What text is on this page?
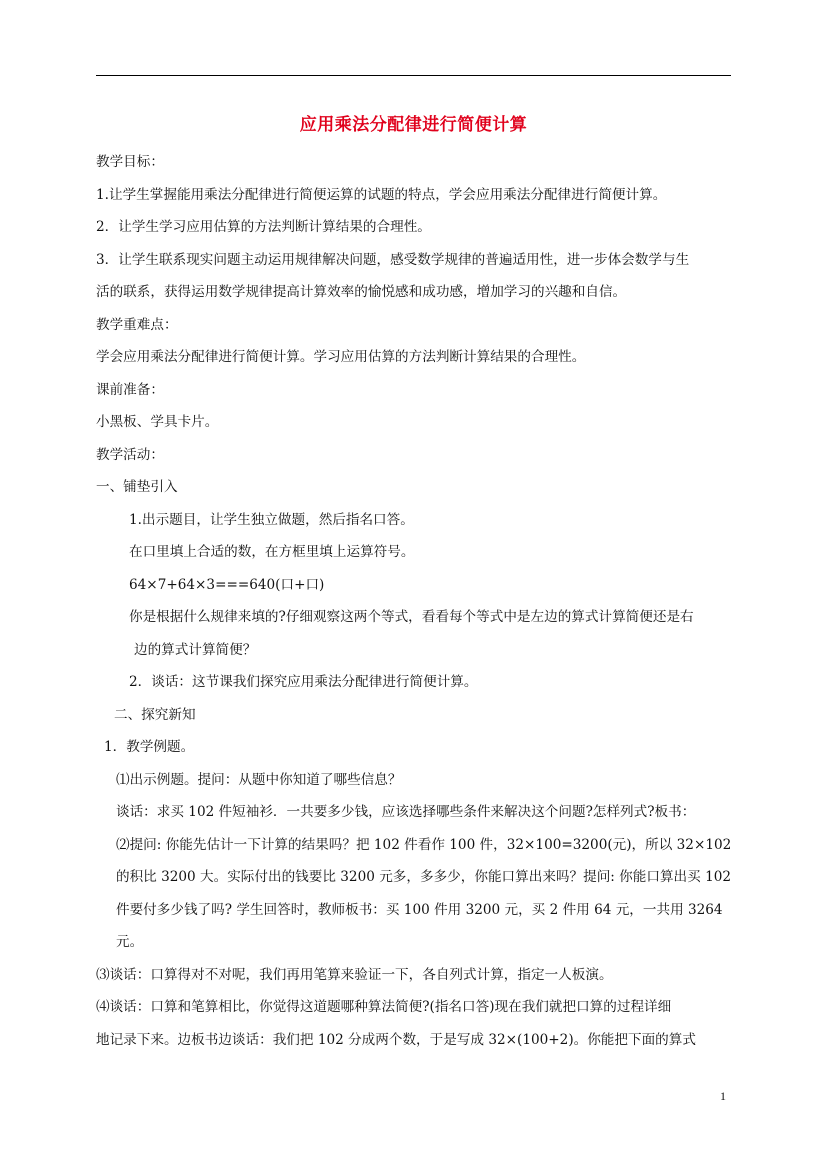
应用乘法分配律进行简便计算
教学目标：
1.让学生掌握能用乘法分配律进行简便运算的试题的特点，学会应用乘法分配律进行简便计算。
2．让学生学习应用估算的方法判断计算结果的合理性。
3．让学生联系现实问题主动运用规律解决问题，感受数学规律的普遍适用性，进一步体会数学与生
活的联系，获得运用数学规律提高计算效率的愉悦感和成功感，增加学习的兴趣和自信。
教学重难点：
学会应用乘法分配律进行简便计算。学习应用估算的方法判断计算结果的合理性。
课前准备：
小黑板、学具卡片。
教学活动：
一、铺垫引入
1.出示题目，让学生独立做题，然后指名口答。
在口里填上合适的数，在方框里填上运算符号。
64×7+64×3===640(口+口)
你是根据什么规律来填的?仔细观察这两个等式，看看每个等式中是左边的算式计算简便还是右
边的算式计算简便？
2．谈话：这节课我们探究应用乘法分配律进行简便计算。
二、探究新知
1．教学例题。
⑴出示例题。提问：从题中你知道了哪些信息？
谈话：求买 102 件短袖衫．一共要多少钱，应该选择哪些条件来解决这个问题?怎样列式?板书：
⑵提问: 你能先估计一下计算的结果吗？把 102 件看作 100 件，32×100=3200(元)，所以 32×102
的积比 3200 大。实际付出的钱要比 3200 元多，多多少，你能口算出来吗？提问: 你能口算出买 102
件要付多少钱了吗? 学生回答时，教师板书：买 100 件用 3200 元，买 2 件用 64 元，一共用 3264
元。
⑶谈话：口算得对不对呢，我们再用笔算来验证一下，各自列式计算，指定一人板演。
⑷谈话：口算和笔算相比，你觉得这道题哪种算法简便?(指名口答)现在我们就把口算的过程详细
地记录下来。边板书边谈话：我们把 102 分成两个数，于是写成 32×(100+2)。你能把下面的算式
1
